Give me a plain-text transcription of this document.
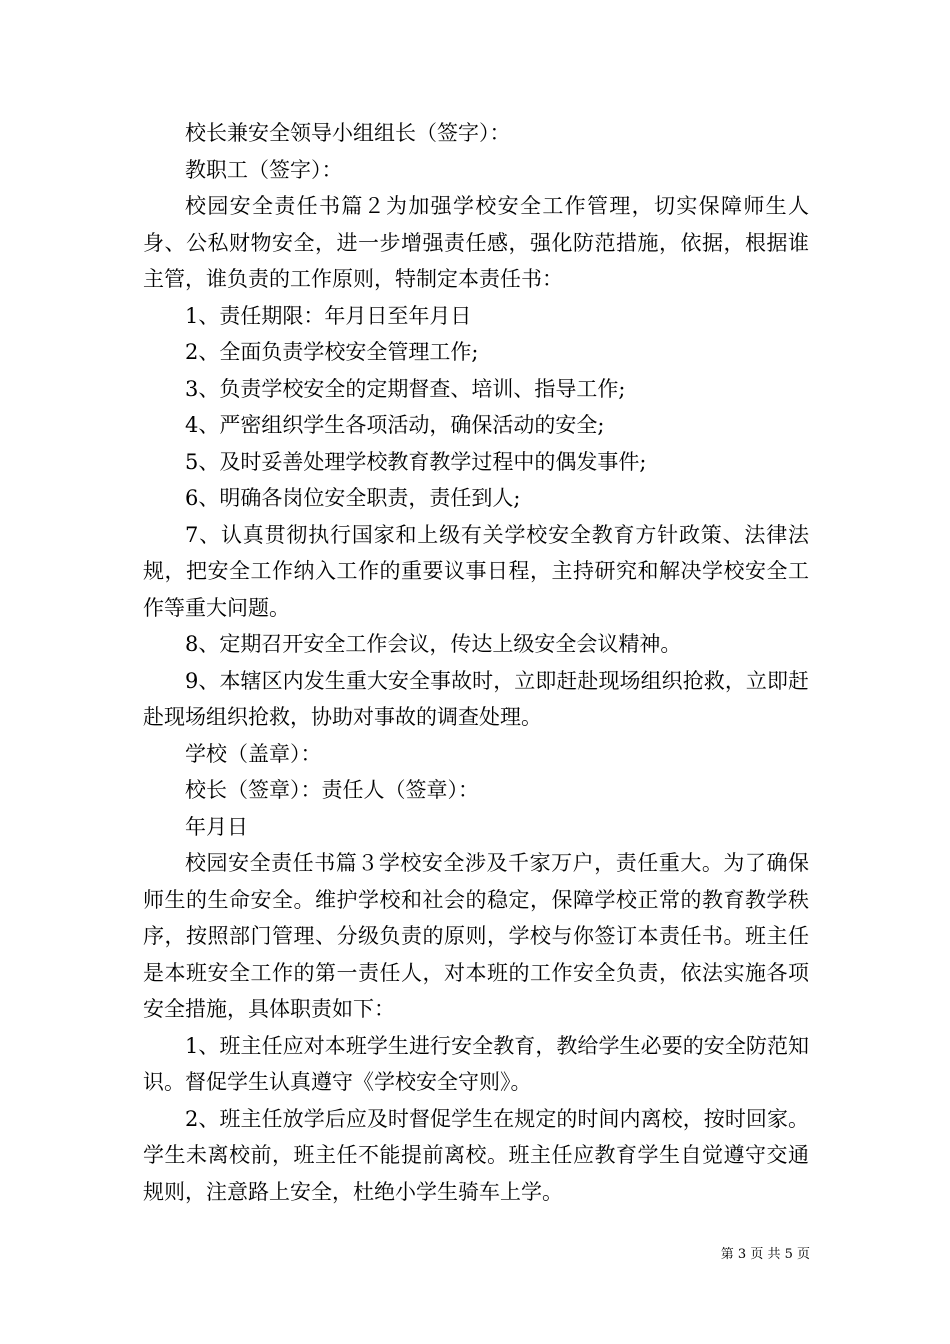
校长兼安全领导小组组长（签字）：

教职工（签字）：

校园安全责任书篇２为加强学校安全工作管理，切实保障师生人身、公私财物安全，进一步增强责任感，强化防范措施，依据，根据谁主管，谁负责的工作原则，特制定本责任书：

1、责任期限：年月日至年月日

2、全面负责学校安全管理工作;

3、负责学校安全的定期督查、培训、指导工作;

4、严密组织学生各项活动，确保活动的安全;

5、及时妥善处理学校教育教学过程中的偶发事件;

6、明确各岗位安全职责，责任到人;

7、认真贯彻执行国家和上级有关学校安全教育方针政策、法律法规，把安全工作纳入工作的重要议事日程，主持研究和解决学校安全工作等重大问题。

8、定期召开安全工作会议，传达上级安全会议精神。

9、本辖区内发生重大安全事故时，立即赶赴现场组织抢救，立即赶赴现场组织抢救，协助对事故的调查处理。

学校（盖章）：

校长（签章）：责任人（签章）：

年月日

校园安全责任书篇３学校安全涉及千家万户，责任重大。为了确保师生的生命安全。维护学校和社会的稳定，保障学校正常的教育教学秩序，按照部门管理、分级负责的原则，学校与你签订本责任书。班主任是本班安全工作的第一责任人，对本班的工作安全负责，依法实施各项安全措施，具体职责如下：

1、班主任应对本班学生进行安全教育，教给学生必要的安全防范知识。督促学生认真遵守《学校安全守则》。

2、班主任放学后应及时督促学生在规定的时间内离校，按时回家。学生未离校前，班主任不能提前离校。班主任应教育学生自觉遵守交通规则，注意路上安全，杜绝小学生骑车上学。

第 3 页 共 5 页
